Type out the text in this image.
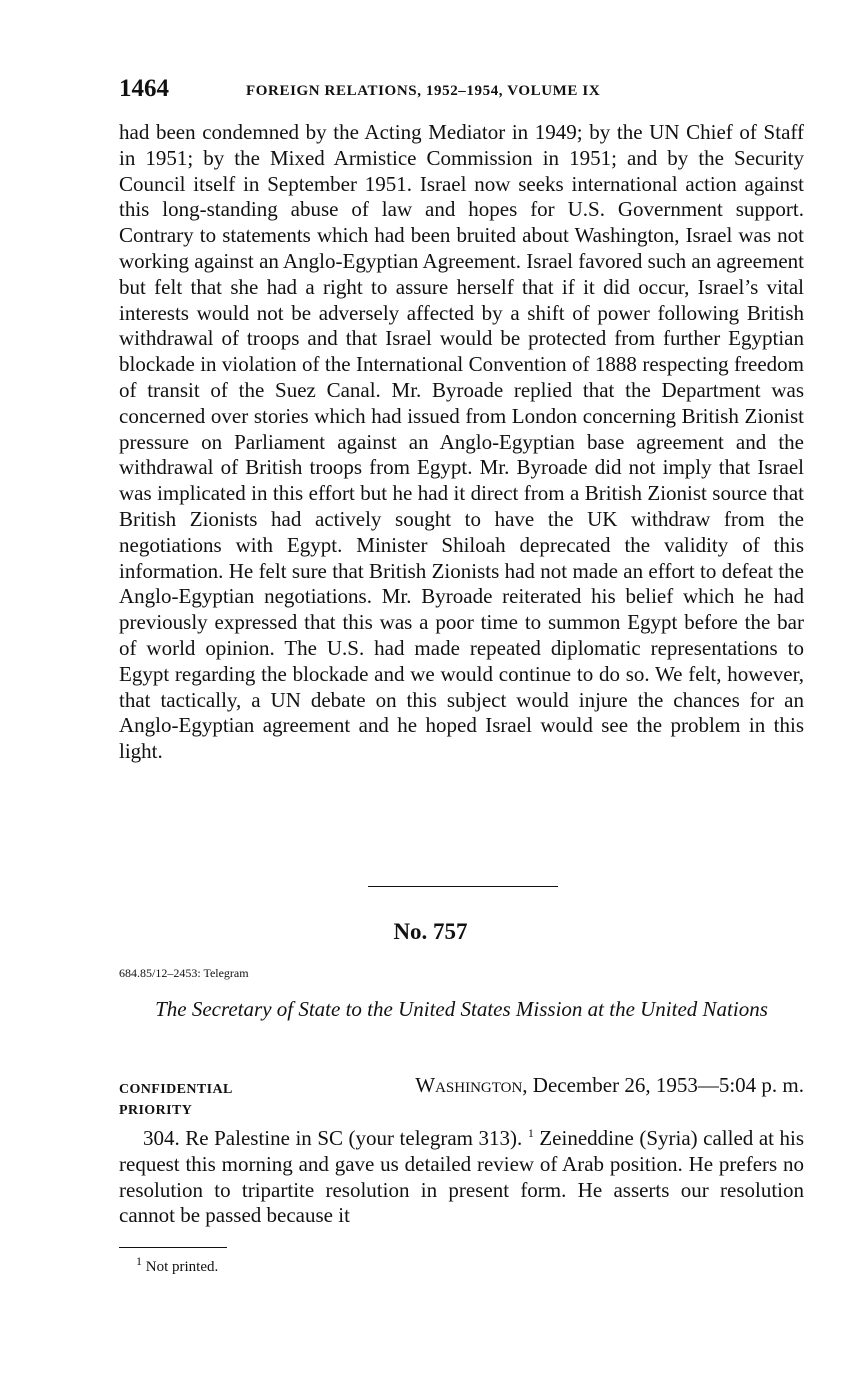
1464	FOREIGN RELATIONS, 1952–1954, VOLUME IX

had been condemned by the Acting Mediator in 1949; by the UN Chief of Staff in 1951; by the Mixed Armistice Commission in 1951; and by the Security Council itself in September 1951. Israel now seeks international action against this long-standing abuse of law and hopes for U.S. Government support. Contrary to statements which had been bruited about Washington, Israel was not working against an Anglo-Egyptian Agreement. Israel favored such an agreement but felt that she had a right to assure herself that if it did occur, Israel’s vital interests would not be adversely affected by a shift of power following British withdrawal of troops and that Israel would be protected from further Egyptian blockade in violation of the International Convention of 1888 respecting freedom of transit of the Suez Canal. Mr. Byroade replied that the Department was concerned over stories which had issued from London concerning British Zionist pressure on Parliament against an Anglo-Egyptian base agreement and the withdrawal of British troops from Egypt. Mr. Byroade did not imply that Israel was implicated in this effort but he had it direct from a British Zionist source that British Zionists had actively sought to have the UK withdraw from the negotiations with Egypt. Minister Shiloah deprecated the validity of this information. He felt sure that British Zionists had not made an effort to defeat the Anglo-Egyptian negotiations. Mr. Byroade reiterated his belief which he had previously expressed that this was a poor time to summon Egypt before the bar of world opinion. The U.S. had made repeated diplomatic representations to Egypt regarding the blockade and we would continue to do so. We felt, however, that tactically, a UN debate on this subject would injure the chances for an Anglo-Egyptian agreement and he hoped Israel would see the problem in this light.

No. 757
684.85/12–2453: Telegram
The Secretary of State to the United States Mission at the United Nations
CONFIDENTIAL
PRIORITY
Washington, December 26, 1953—5:04 p. m.

304. Re Palestine in SC (your telegram 313). $^1$ Zeineddine (Syria) called at his request this morning and gave us detailed review of Arab position. He prefers no resolution to tripartite resolution in present form. He asserts our resolution cannot be passed because it

$^1$ Not printed.
